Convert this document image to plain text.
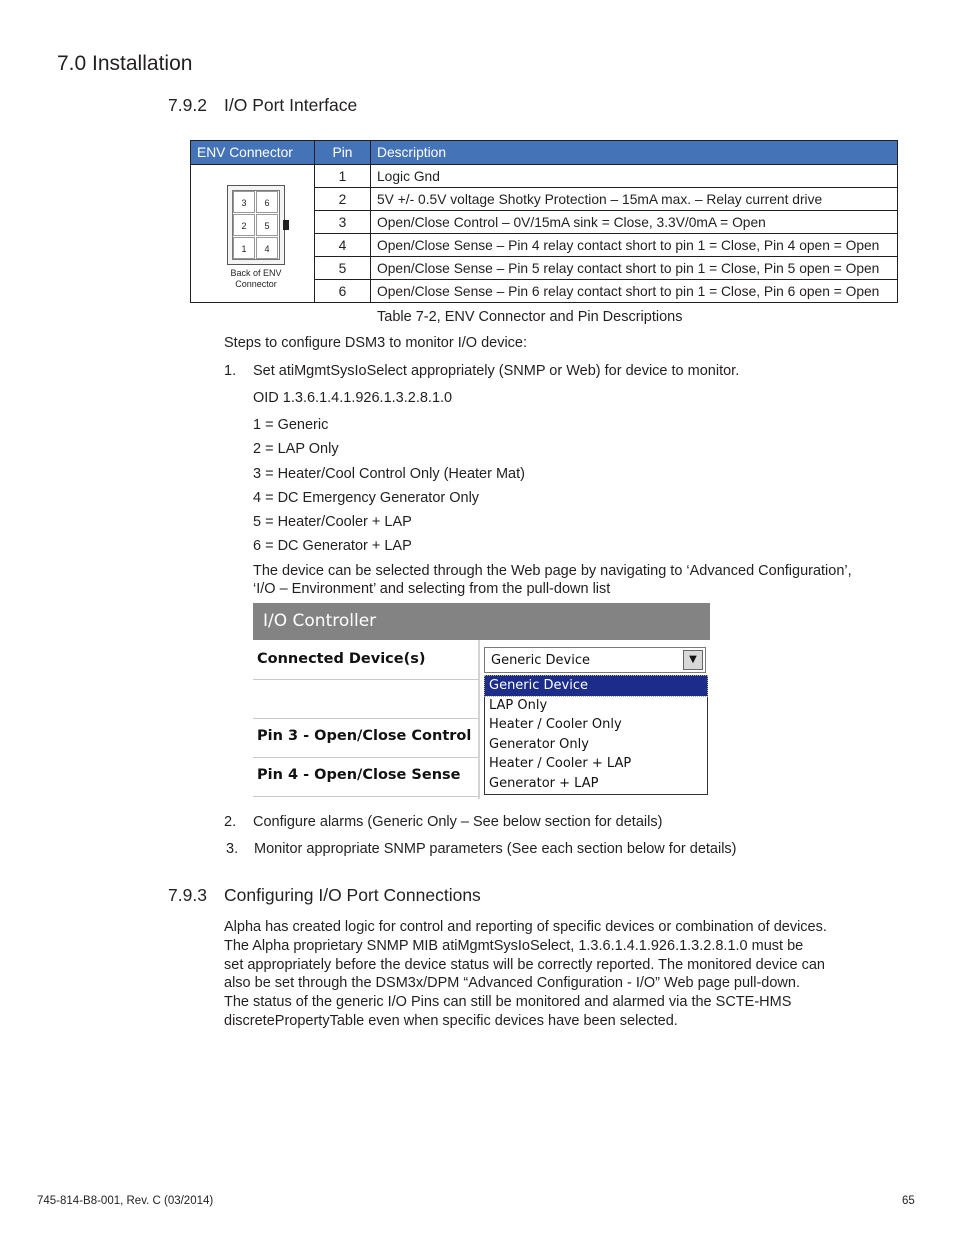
7.0 Installation
7.9.2 I/O Port Interface
ENV Connector	Pin	Description
	1	Logic Gnd
	2	5V +/- 0.5V voltage Shotky Protection – 15mA max. – Relay current drive
	3	Open/Close Control – 0V/15mA sink = Close, 3.3V/0mA = Open
	4	Open/Close Sense – Pin 4 relay contact short to pin 1 = Close, Pin 4 open = Open
	5	Open/Close Sense – Pin 5 relay contact short to pin 1 = Close, Pin 5 open = Open
	6	Open/Close Sense – Pin 6 relay contact short to pin 1 = Close, Pin 6 open = Open
3	6
2	5
1	4
Back of ENV Connector
Table 7-2, ENV Connector and Pin Descriptions
Steps to configure DSM3 to monitor I/O device:
1. Set atiMgmtSysIoSelect appropriately (SNMP or Web) for device to monitor.
OID 1.3.6.1.4.1.926.1.3.2.8.1.0
1 = Generic
2 = LAP Only
3 = Heater/Cool Control Only (Heater Mat)
4 = DC Emergency Generator Only
5 = Heater/Cooler + LAP
6 = DC Generator + LAP
The device can be selected through the Web page by navigating to ‘Advanced Configuration’,
‘I/O – Environment’ and selecting from the pull-down list
I/O Controller
Connected Device(s)
Pin 3 - Open/Close Control
Pin 4 - Open/Close Sense
Generic Device	▼
Generic Device
LAP Only
Heater / Cooler Only
Generator Only
Heater / Cooler + LAP
Generator + LAP
2. Configure alarms (Generic Only – See below section for details)
3. Monitor appropriate SNMP parameters (See each section below for details)
7.9.3 Configuring I/O Port Connections
Alpha has created logic for control and reporting of specific devices or combination of devices.
The Alpha proprietary SNMP MIB atiMgmtSysIoSelect, 1.3.6.1.4.1.926.1.3.2.8.1.0 must be
set appropriately before the device status will be correctly reported. The monitored device can
also be set through the DSM3x/DPM “Advanced Configuration - I/O” Web page pull-down.
The status of the generic I/O Pins can still be monitored and alarmed via the SCTE-HMS
discretePropertyTable even when specific devices have been selected.
745-814-B8-001, Rev. C (03/2014)	65
